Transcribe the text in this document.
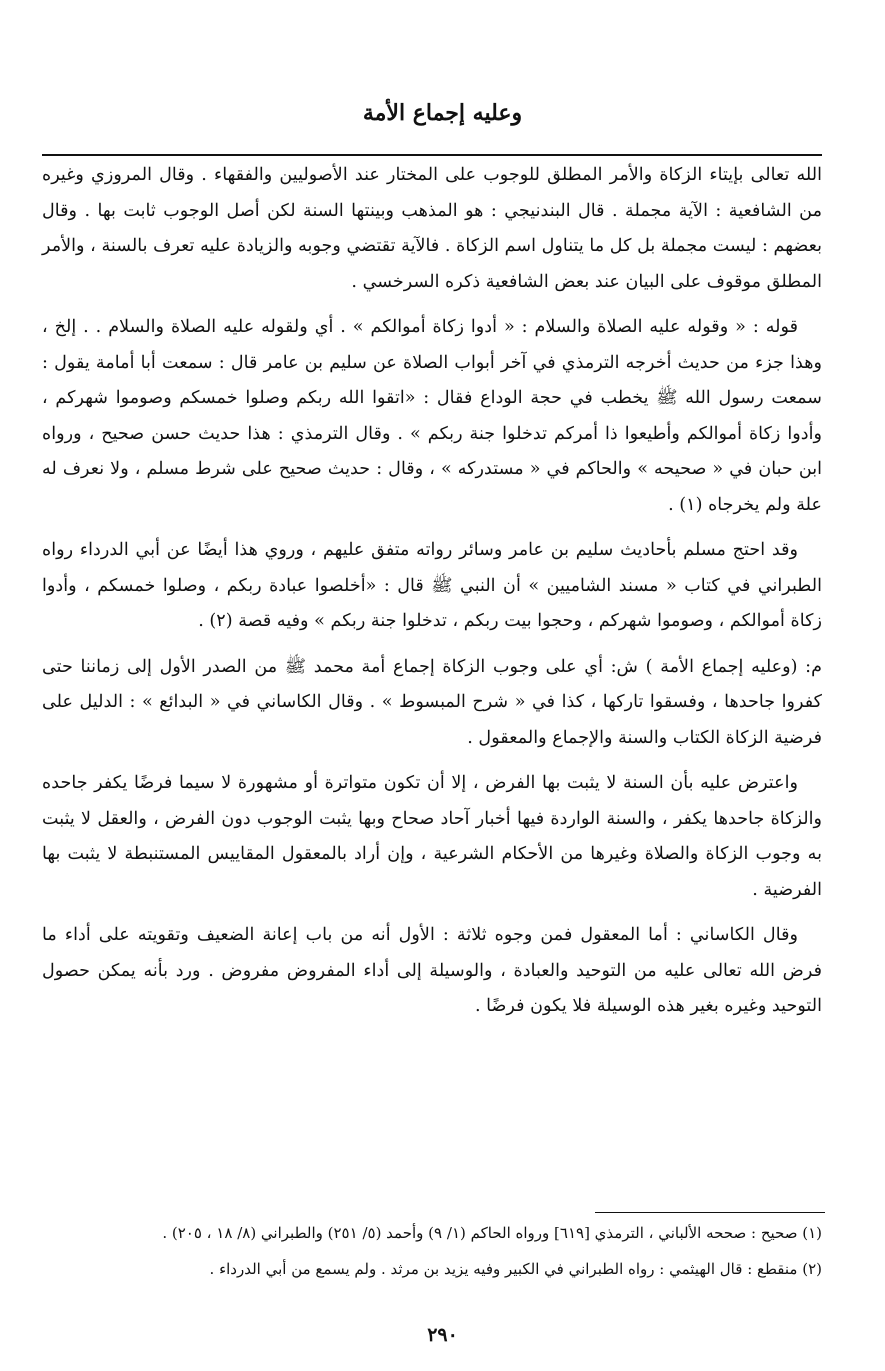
وعليه إجماع الأمة

الله تعالى بإيتاء الزكاة والأمر المطلق للوجوب على المختار عند الأصوليين والفقهاء . وقال المروزي وغيره من الشافعية : الآية مجملة . قال البندنيجي : هو المذهب وبينتها السنة لكن أصل الوجوب ثابت بها . وقال بعضهم : ليست مجملة بل كل ما يتناول اسم الزكاة . فالآية تقتضي وجوبه والزيادة عليه تعرف بالسنة ، والأمر المطلق موقوف على البيان عند بعض الشافعية ذكره السرخسي .

قوله : « وقوله عليه الصلاة والسلام : « أدوا زكاة أموالكم » . أي ولقوله عليه الصلاة والسلام . . إلخ ، وهذا جزء من حديث أخرجه الترمذي في آخر أبواب الصلاة عن سليم بن عامر قال : سمعت أبا أمامة يقول : سمعت رسول الله ﷺ يخطب في حجة الوداع فقال : «اتقوا الله ربكم وصلوا خمسكم وصوموا شهركم ، وأدوا زكاة أموالكم وأطيعوا ذا أمركم تدخلوا جنة ربكم » . وقال الترمذي : هذا حديث حسن صحيح ، ورواه ابن حبان في « صحيحه » والحاكم في « مستدركه » ، وقال : حديث صحيح على شرط مسلم ، ولا نعرف له علة ولم يخرجاه (١) .

وقد احتج مسلم بأحاديث سليم بن عامر وسائر رواته متفق عليهم ، وروي هذا أيضًا عن أبي الدرداء رواه الطبراني في كتاب « مسند الشاميين » أن النبي ﷺ قال : «أخلصوا عبادة ربكم ، وصلوا خمسكم ، وأدوا زكاة أموالكم ، وصوموا شهركم ، وحجوا بيت ربكم ، تدخلوا جنة ربكم » وفيه قصة (٢) .

م: (وعليه إجماع الأمة ) ش: أي على وجوب الزكاة إجماع أمة محمد ﷺ من الصدر الأول إلى زماننا حتى كفروا جاحدها ، وفسقوا تاركها ، كذا في « شرح المبسوط » . وقال الكاساني في « البدائع » : الدليل على فرضية الزكاة الكتاب والسنة والإجماع والمعقول .

واعترض عليه بأن السنة لا يثبت بها الفرض ، إلا أن تكون متواترة أو مشهورة لا سيما فرضًا يكفر جاحده والزكاة جاحدها يكفر ، والسنة الواردة فيها أخبار آحاد صحاح وبها يثبت الوجوب دون الفرض ، والعقل لا يثبت به وجوب الزكاة والصلاة وغيرها من الأحكام الشرعية ، وإن أراد بالمعقول المقاييس المستنبطة لا يثبت بها الفرضية .

وقال الكاساني : أما المعقول فمن وجوه ثلاثة : الأول أنه من باب إعانة الضعيف وتقويته على أداء ما فرض الله تعالى عليه من التوحيد والعبادة ، والوسيلة إلى أداء المفروض مفروض . ورد بأنه يمكن حصول التوحيد وغيره بغير هذه الوسيلة فلا يكون فرضًا .

(١) صحيح : صححه الألباني ، الترمذي [٦١٩] ورواه الحاكم (١/ ٩) وأحمد (٥/ ٢٥١) والطبراني (٨/ ١٨ ، ٢٠٥) .

(٢) منقطع : قال الهيثمي : رواه الطبراني في الكبير وفيه يزيد بن مرثد . ولم يسمع من أبي الدرداء .

٢٩٠
